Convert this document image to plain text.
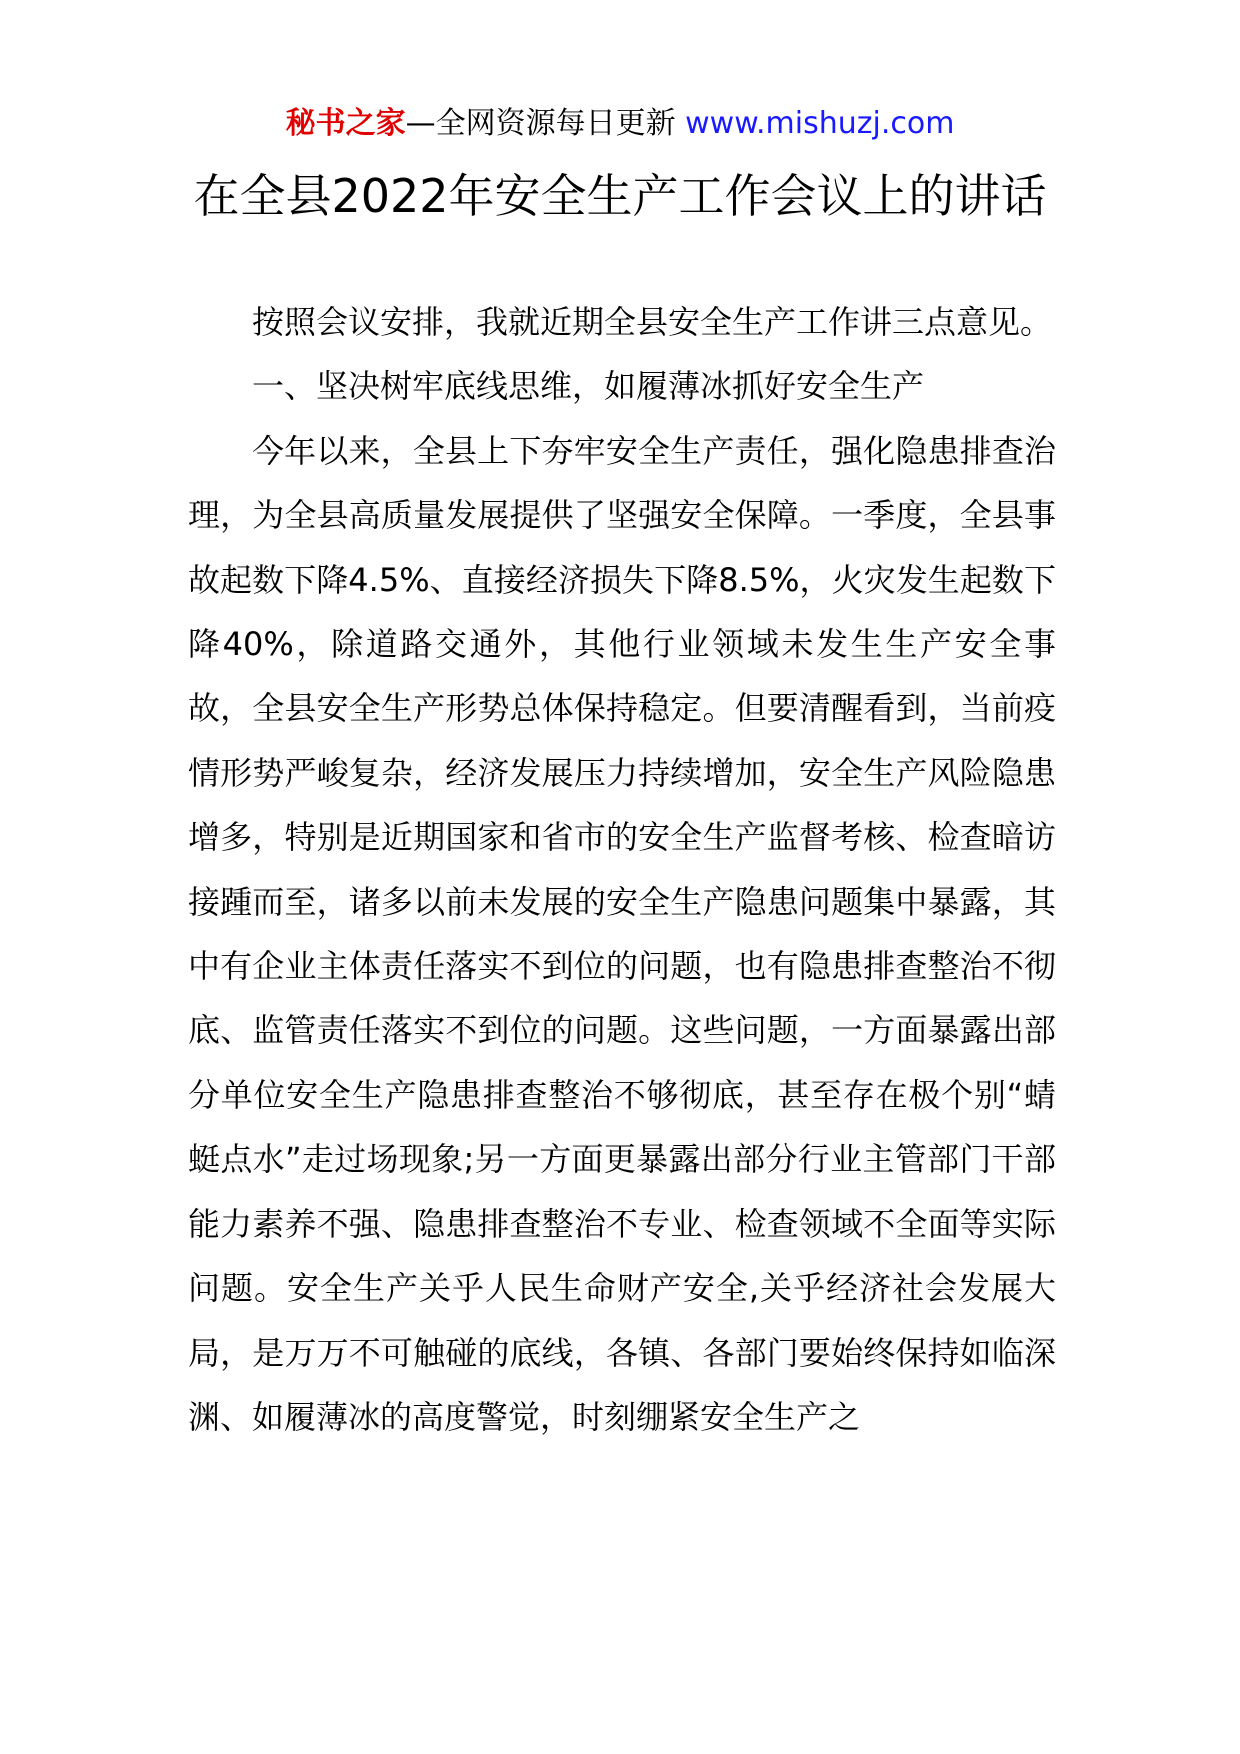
秘书之家—全网资源每日更新 www.mishuzj.com
在全县2022年安全生产工作会议上的讲话

按照会议安排，我就近期全县安全生产工作讲三点意见。

一、坚决树牢底线思维，如履薄冰抓好安全生产

今年以来，全县上下夯牢安全生产责任，强化隐患排查治理，为全县高质量发展提供了坚强安全保障。一季度，全县事故起数下降4.5%、直接经济损失下降8.5%，火灾发生起数下降40%，除道路交通外，其他行业领域未发生生产安全事故，全县安全生产形势总体保持稳定。但要清醒看到，当前疫情形势严峻复杂，经济发展压力持续增加，安全生产风险隐患增多，特别是近期国家和省市的安全生产监督考核、检查暗访接踵而至，诸多以前未发展的安全生产隐患问题集中暴露，其中有企业主体责任落实不到位的问题，也有隐患排查整治不彻底、监管责任落实不到位的问题。这些问题，一方面暴露出部分单位安全生产隐患排查整治不够彻底，甚至存在极个别“蜻蜓点水”走过场现象;另一方面更暴露出部分行业主管部门干部能力素养不强、隐患排查整治不专业、检查领域不全面等实际问题。安全生产关乎人民生命财产安全,关乎经济社会发展大局，是万万不可触碰的底线，各镇、各部门要始终保持如临深渊、如履薄冰的高度警觉，时刻绷紧安全生产之
